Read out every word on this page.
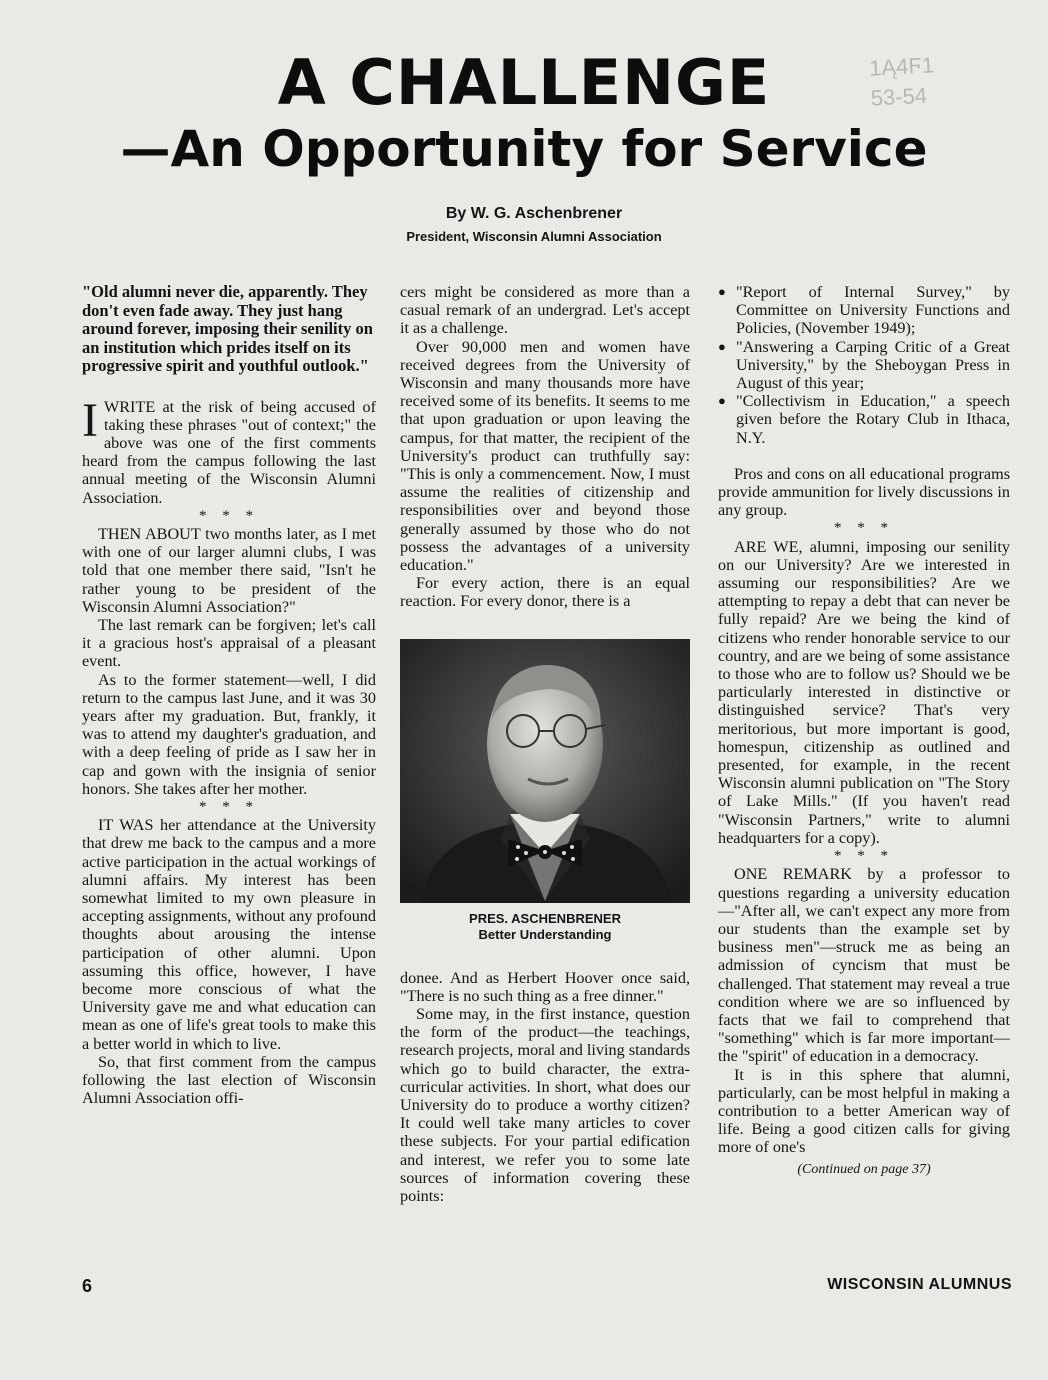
1Ą4Ϝ1
53-54
A CHALLENGE
—An Opportunity for Service
By W. G. Aschenbrener
President, Wisconsin Alumni Association

"Old alumni never die, apparently. They don't even fade away. They just hang around forever, imposing their senility on an institution which prides itself on its progressive spirit and youthful outlook."

IWRITE at the risk of being accused of taking these phrases "out of context;" the above was one of the first comments heard from the campus following the last annual meeting of the Wisconsin Alumni Association.

* * *

THEN ABOUT two months later, as I met with one of our larger alumni clubs, I was told that one member there said, "Isn't he rather young to be president of the Wisconsin Alumni Association?"

The last remark can be forgiven; let's call it a gracious host's appraisal of a pleasant event.

As to the former statement—well, I did return to the campus last June, and it was 30 years after my graduation. But, frankly, it was to attend my daughter's graduation, and with a deep feeling of pride as I saw her in cap and gown with the insignia of senior honors. She takes after her mother.

* * *

IT WAS her attendance at the University that drew me back to the campus and a more active participation in the actual workings of alumni affairs. My interest has been somewhat limited to my own pleasure in accepting assignments, without any profound thoughts about arousing the intense participation of other alumni. Upon assuming this office, however, I have become more conscious of what the University gave me and what education can mean as one of life's great tools to make this a better world in which to live.

So, that first comment from the campus following the last election of Wisconsin Alumni Association offi-

cers might be considered as more than a casual remark of an undergrad. Let's accept it as a challenge.

Over 90,000 men and women have received degrees from the University of Wisconsin and many thousands more have received some of its benefits. It seems to me that upon graduation or upon leaving the campus, for that matter, the recipient of the University's product can truthfully say: "This is only a commencement. Now, I must assume the realities of citizenship and responsibilities over and beyond those generally assumed by those who do not possess the advantages of a university education."

For every action, there is an equal reaction. For every donor, there is a

PRES. ASCHENBRENER

Better Understanding

donee. And as Herbert Hoover once said, "There is no such thing as a free dinner."

Some may, in the first instance, question the form of the product—the teachings, research projects, moral and living standards which go to build character, the extra-curricular activities. In short, what does our University do to produce a worthy citizen? It could well take many articles to cover these subjects. For your partial edification and interest, we refer you to some late sources of information covering these points:

● "Report of Internal Survey," by Committee on University Functions and Policies, (November 1949);
● "Answering a Carping Critic of a Great University," by the Sheboygan Press in August of this year;
● "Collectivism in Education," a speech given before the Rotary Club in Ithaca, N.Y.

Pros and cons on all educational programs provide ammunition for lively discussions in any group.

* * *

ARE WE, alumni, imposing our senility on our University? Are we interested in assuming our responsibilities? Are we attempting to repay a debt that can never be fully repaid? Are we being the kind of citizens who render honorable service to our country, and are we being of some assistance to those who are to follow us? Should we be particularly interested in distinctive or distinguished service? That's very meritorious, but more important is good, homespun, citizenship as outlined and presented, for example, in the recent Wisconsin alumni publication on "The Story of Lake Mills." (If you haven't read "Wisconsin Partners," write to alumni headquarters for a copy).

* * *

ONE REMARK by a professor to questions regarding a university education—"After all, we can't expect any more from our students than the example set by business men"—struck me as being an admission of cyncism that must be challenged. That statement may reveal a true condition where we are so influenced by facts that we fail to comprehend that "something" which is far more important—the "spirit" of education in a democracy.

It is in this sphere that alumni, particularly, can be most helpful in making a contribution to a better American way of life. Being a good citizen calls for giving more of one's

(Continued on page 37)

6	WISCONSIN ALUMNUS
